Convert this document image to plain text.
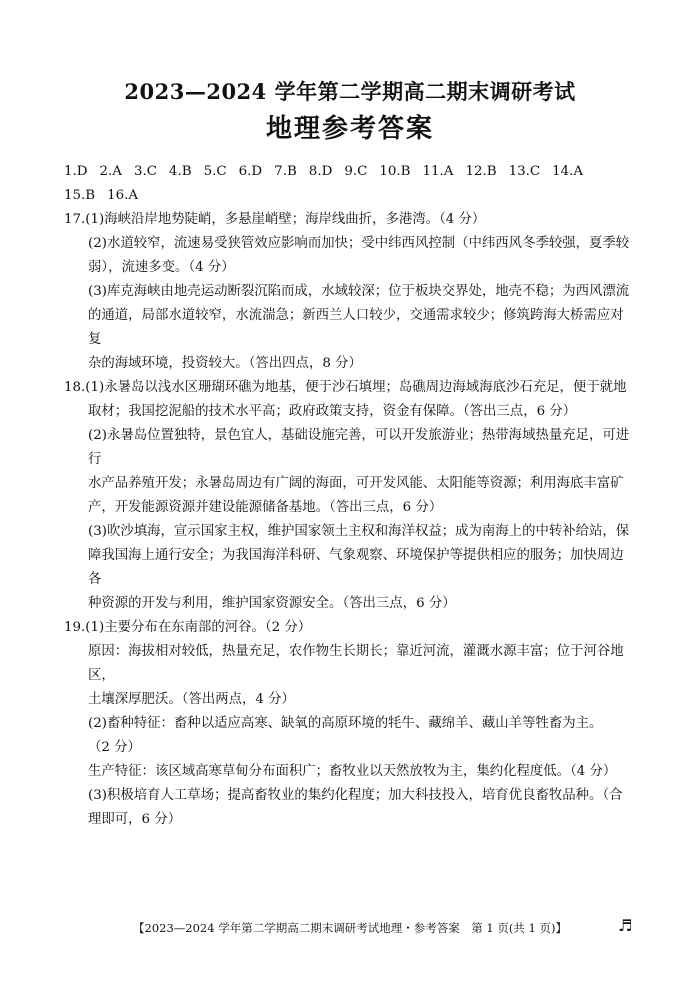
2023—2024 学年第二学期高二期末调研考试
地理参考答案
1.D 2.A 3.C 4.B 5.C 6.D 7.B 8.D 9.C 10.B 11.A 12.B 13.C 14.A
15.B 16.A
17.(1)海峡沿岸地势陡峭，多悬崖峭壁；海岸线曲折，多港湾。（4 分）
(2)水道较窄，流速易受狭管效应影响而加快；受中纬西风控制（中纬西风冬季较强，夏季较
弱），流速多变。（4 分）
(3)库克海峡由地壳运动断裂沉陷而成，水域较深；位于板块交界处，地壳不稳；为西风漂流
的通道，局部水道较窄，水流湍急；新西兰人口较少，交通需求较少；修筑跨海大桥需应对复
杂的海域环境，投资较大。（答出四点，8 分）
18.(1)永暑岛以浅水区珊瑚环礁为地基，便于沙石填埋；岛礁周边海域海底沙石充足，便于就地
取材；我国挖泥船的技术水平高；政府政策支持，资金有保障。（答出三点，6 分）
(2)永暑岛位置独特，景色宜人，基础设施完善，可以开发旅游业；热带海域热量充足，可进行
水产品养殖开发；永暑岛周边有广阔的海面，可开发风能、太阳能等资源；利用海底丰富矿
产，开发能源资源并建设能源储备基地。（答出三点，6 分）
(3)吹沙填海，宣示国家主权，维护国家领土主权和海洋权益；成为南海上的中转补给站，保
障我国海上通行安全；为我国海洋科研、气象观察、环境保护等提供相应的服务；加快周边各
种资源的开发与利用，维护国家资源安全。（答出三点，6 分）
19.(1)主要分布在东南部的河谷。（2 分）
原因：海拔相对较低，热量充足，农作物生长期长；靠近河流，灌溉水源丰富；位于河谷地区，
土壤深厚肥沃。（答出两点，4 分）
(2)畜种特征：畜种以适应高寒、缺氧的高原环境的牦牛、藏绵羊、藏山羊等牲畜为主。
（2 分）
生产特征：该区域高寒草甸分布面积广；畜牧业以天然放牧为主，集约化程度低。（4 分）
(3)积极培育人工草场；提高畜牧业的集约化程度；加大科技投入，培育优良畜牧品种。（合
理即可，6 分）
【2023—2024 学年第二学期高二期末调研考试地理・参考答案　第 1 页(共 1 页)】	♬
